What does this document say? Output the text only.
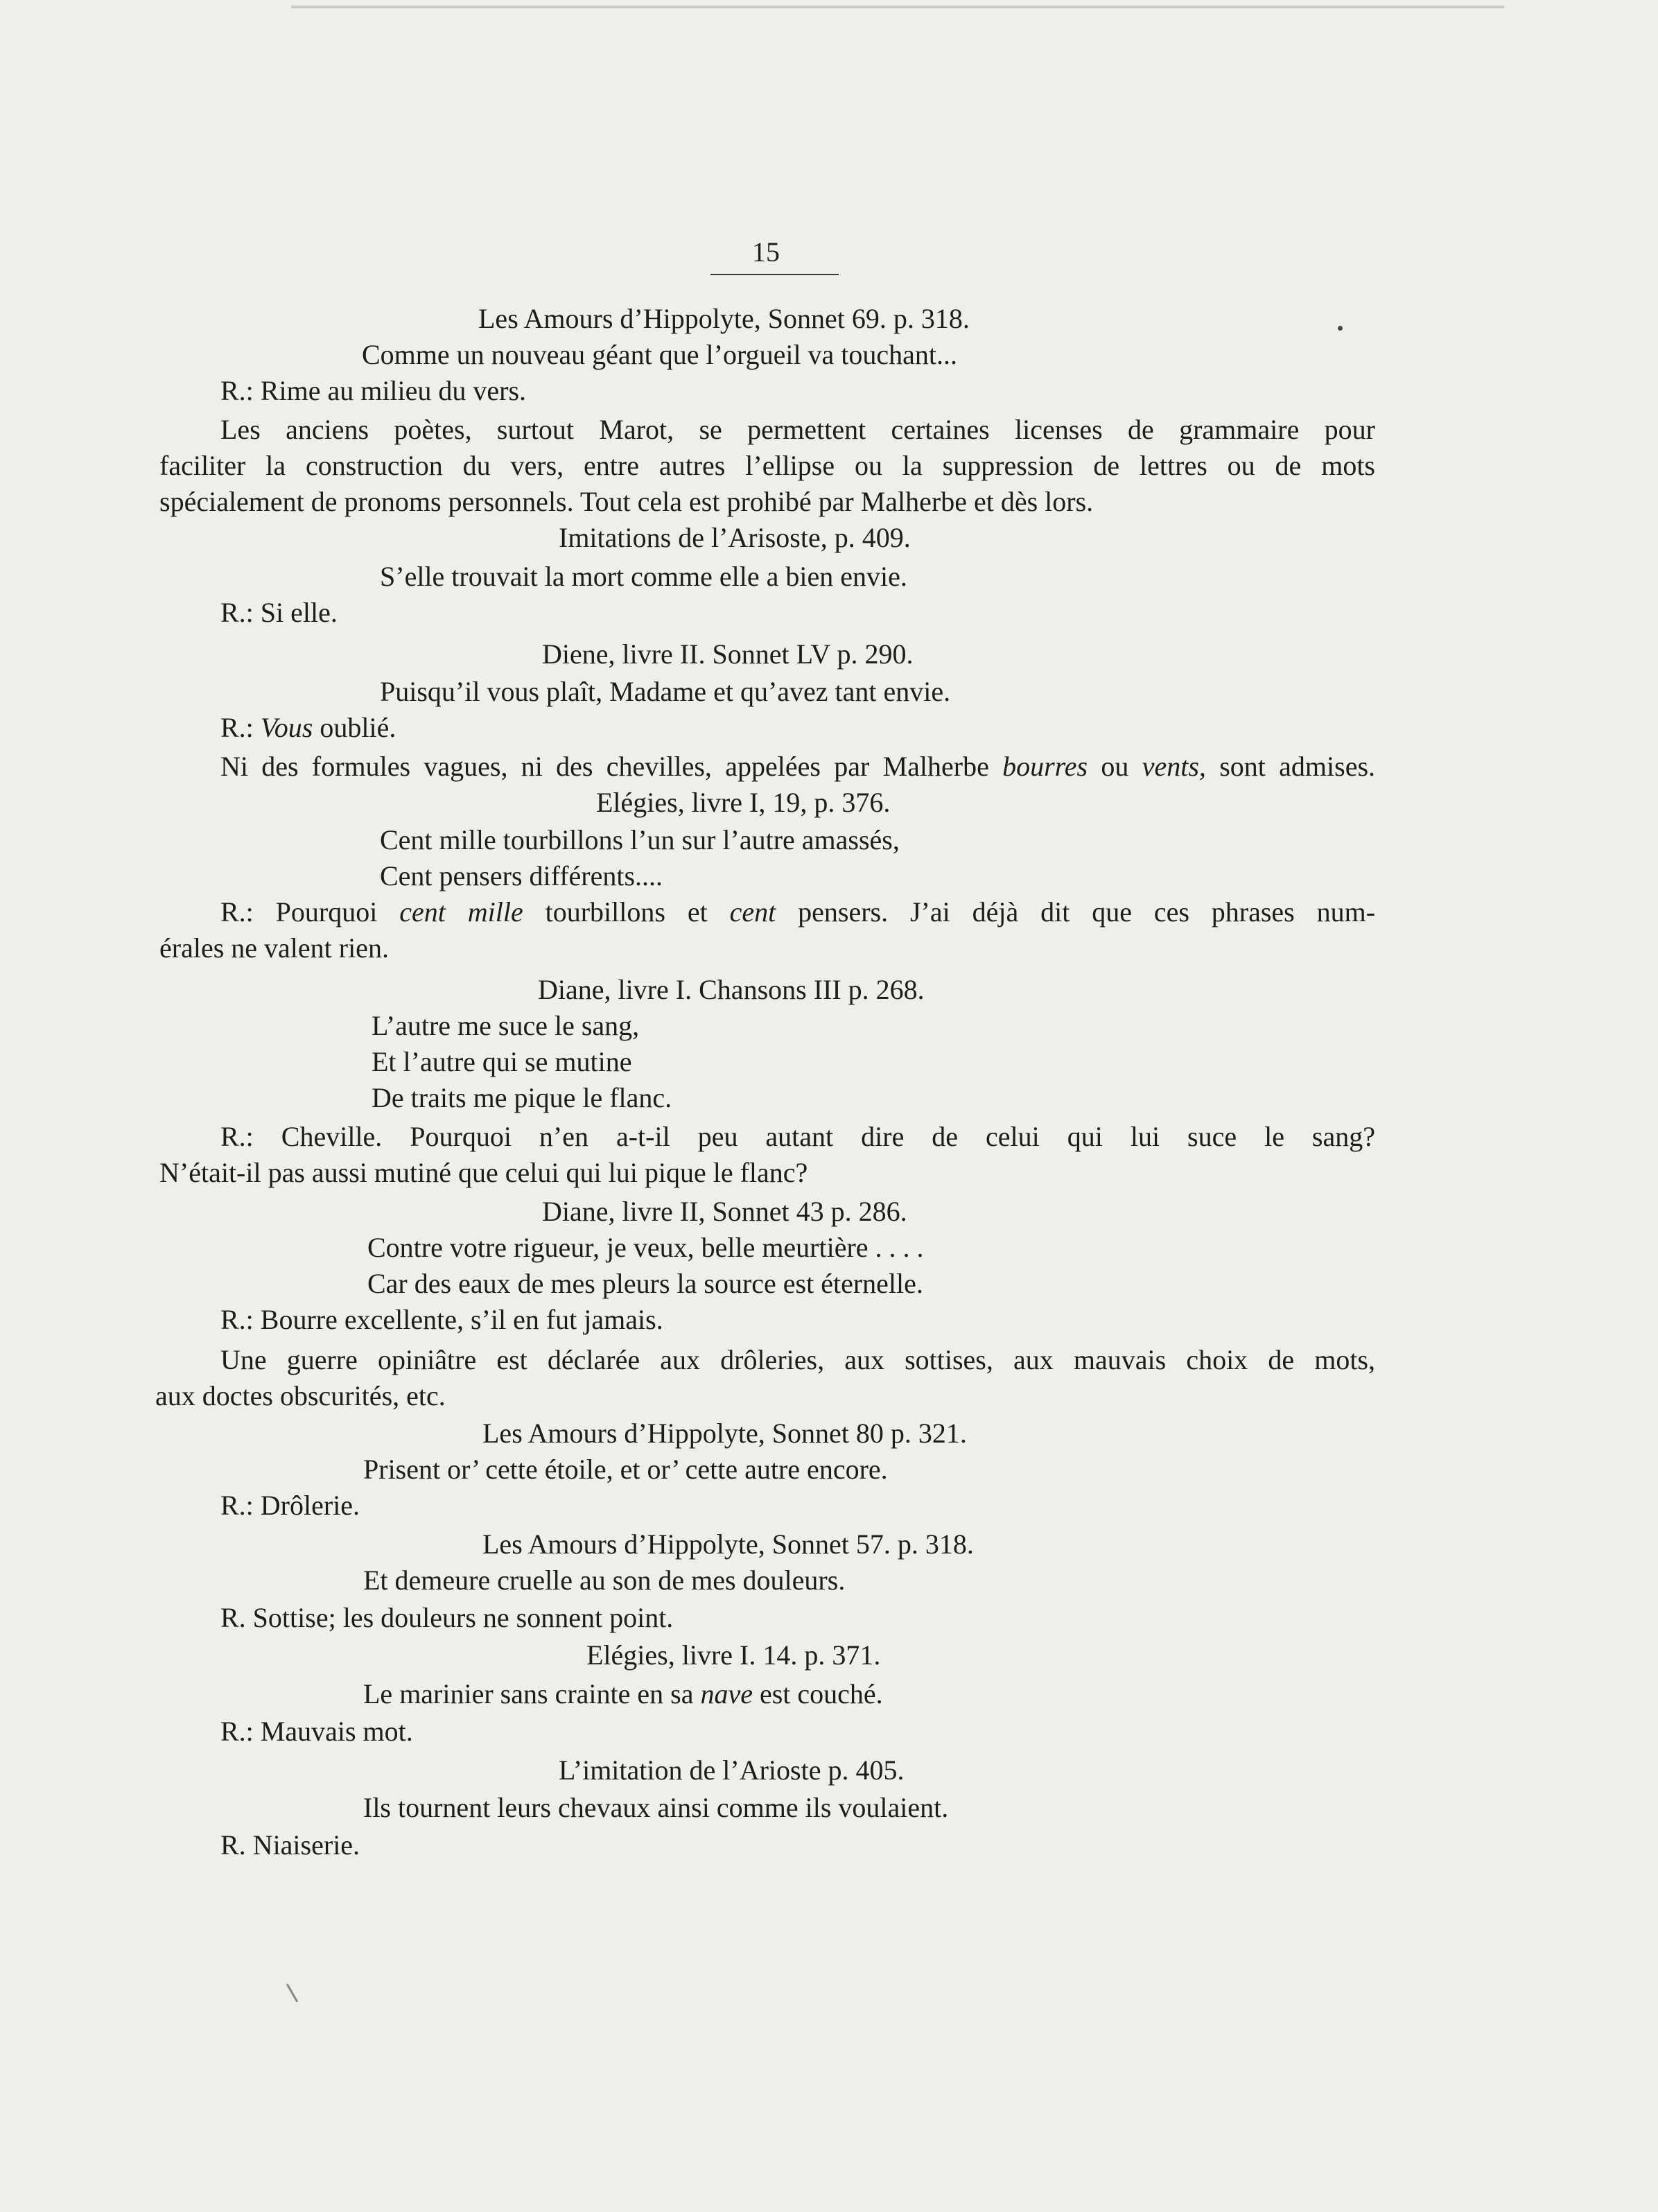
15
Les Amours d’Hippolyte, Sonnet 69. p. 318.
Comme un nouveau géant que l’orgueil va touchant...
R.: Rime au milieu du vers.
Les anciens poètes, surtout Marot, se permettent certaines licenses de grammaire pour
faciliter la construction du vers, entre autres l’ellipse ou la suppression de lettres ou de mots
spécialement de pronoms personnels. Tout cela est prohibé par Malherbe et dès lors.
Imitations de l’Arisoste, p. 409.
S’elle trouvait la mort comme elle a bien envie.
R.: Si elle.
Diene, livre II. Sonnet LV p. 290.
Puisqu’il vous plaît, Madame et qu’avez tant envie.
R.: Vous oublié.
Ni des formules vagues, ni des chevilles, appelées par Malherbe bourres ou vents, sont admises.
Elégies, livre I, 19, p. 376.
Cent mille tourbillons l’un sur l’autre amassés,
Cent pensers différents....
R.: Pourquoi cent mille tourbillons et cent pensers. J’ai déjà dit que ces phrases num-
érales ne valent rien.
Diane, livre I. Chansons III p. 268.
L’autre me suce le sang,
Et l’autre qui se mutine
De traits me pique le flanc.
R.: Cheville. Pourquoi n’en a-t-il peu autant dire de celui qui lui suce le sang?
N’était-il pas aussi mutiné que celui qui lui pique le flanc?
Diane, livre II, Sonnet 43 p. 286.
Contre votre rigueur, je veux, belle meurtière . . . .
Car des eaux de mes pleurs la source est éternelle.
R.: Bourre excellente, s’il en fut jamais.
Une guerre opiniâtre est déclarée aux drôleries, aux sottises, aux mauvais choix de mots,
aux doctes obscurités, etc.
Les Amours d’Hippolyte, Sonnet 80 p. 321.
Prisent or’ cette étoile, et or’ cette autre encore.
R.: Drôlerie.
Les Amours d’Hippolyte, Sonnet 57. p. 318.
Et demeure cruelle au son de mes douleurs.
R. Sottise; les douleurs ne sonnent point.
Elégies, livre I. 14. p. 371.
Le marinier sans crainte en sa nave est couché.
R.: Mauvais mot.
L’imitation de l’Arioste p. 405.
Ils tournent leurs chevaux ainsi comme ils voulaient.
R. Niaiserie.
